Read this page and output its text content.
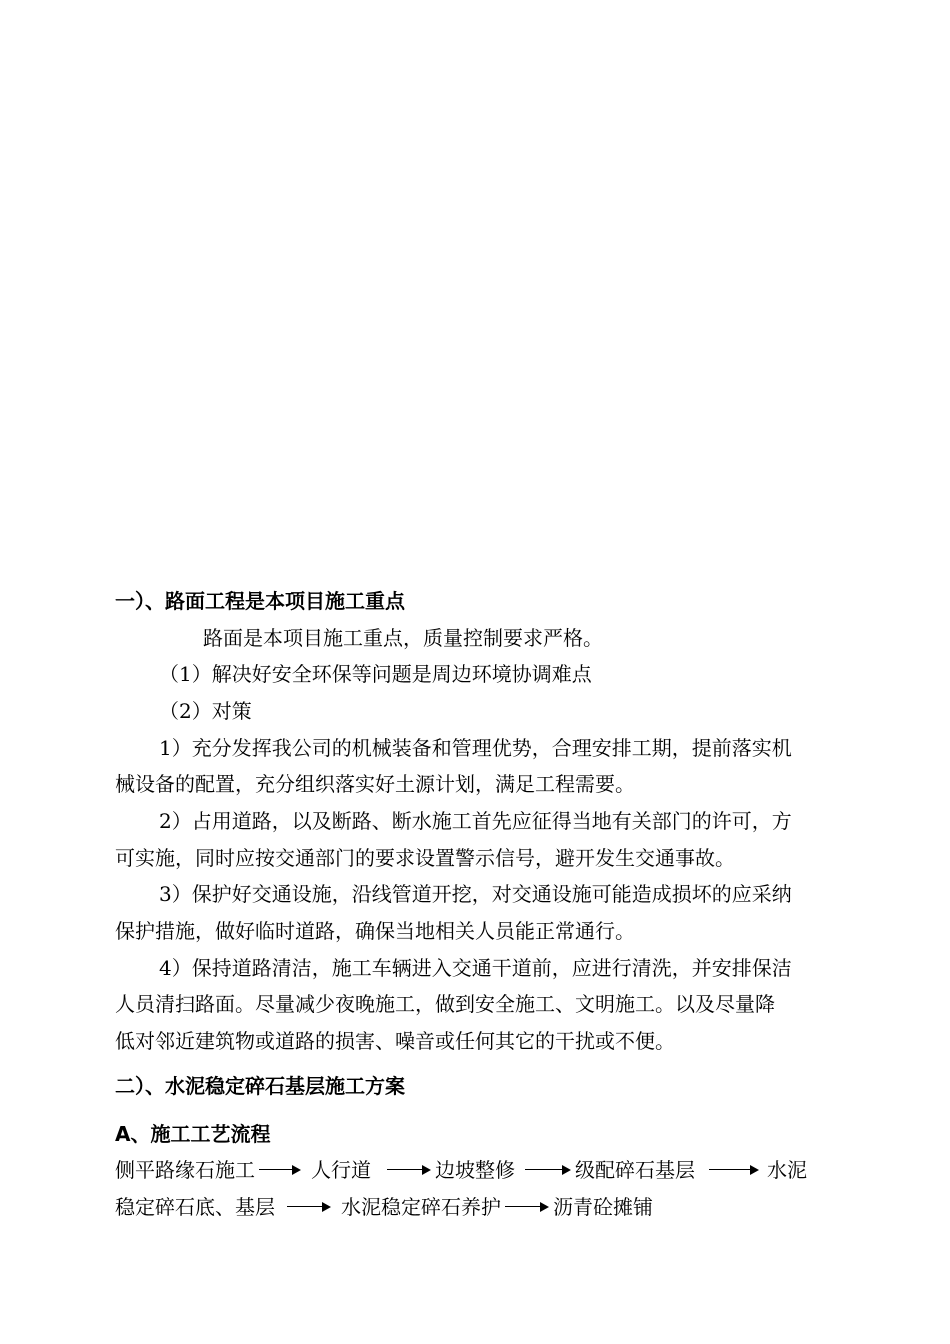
一）、路面工程是本项目施工重点
路面是本项目施工重点，质量控制要求严格。
（1）解决好安全环保等问题是周边环境协调难点
（2）对策
1）充分发挥我公司的机械装备和管理优势，合理安排工期，提前落实机
械设备的配置，充分组织落实好土源计划，满足工程需要。
2）占用道路，以及断路、断水施工首先应征得当地有关部门的许可，方
可实施，同时应按交通部门的要求设置警示信号，避开发生交通事故。
3）保护好交通设施，沿线管道开挖，对交通设施可能造成损坏的应采纳
保护措施，做好临时道路，确保当地相关人员能正常通行。
4）保持道路清洁，施工车辆进入交通干道前，应进行清洗，并安排保洁
人员清扫路面。尽量减少夜晚施工，做到安全施工、文明施工。以及尽量降
低对邻近建筑物或道路的损害、噪音或任何其它的干扰或不便。
二）、水泥稳定碎石基层施工方案
A、施工工艺流程
侧平路缘石施工	人行道	边坡整修	级配碎石基层	水泥
稳定碎石底、基层	水泥稳定碎石养护	沥青砼摊铺
